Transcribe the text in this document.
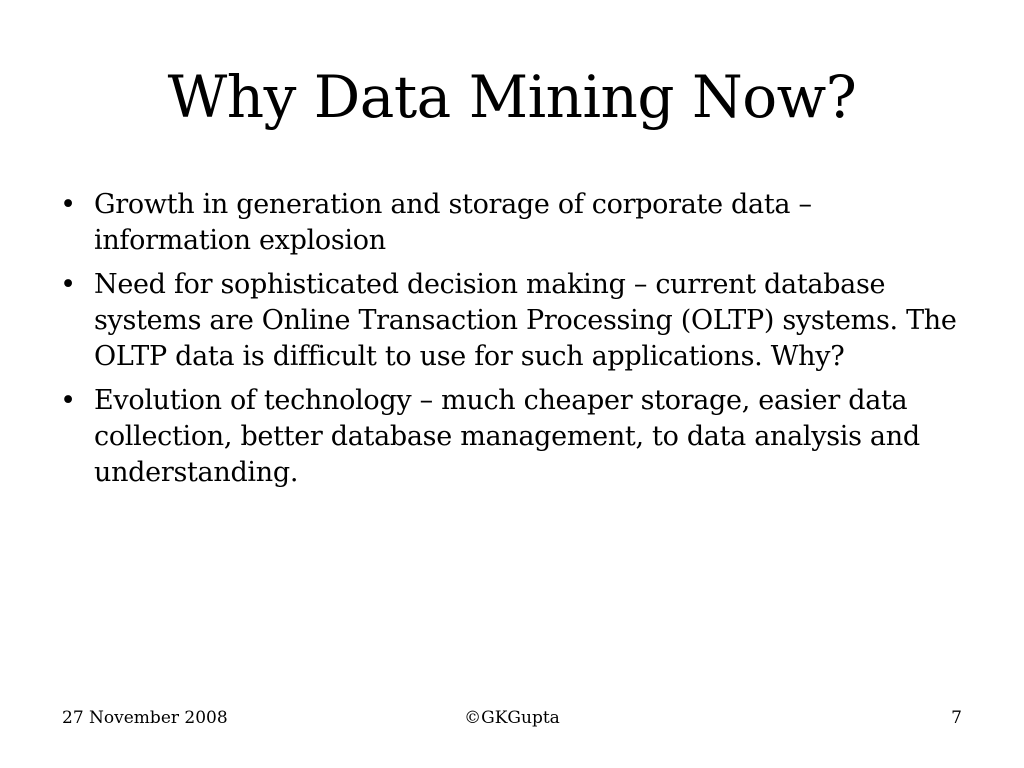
Why Data Mining Now?
• Growth in generation and storage of corporate data – information explosion
• Need for sophisticated decision making – current database systems are Online Transaction Processing (OLTP) systems. The OLTP data is difficult to use for such applications. Why?
• Evolution of technology – much cheaper storage, easier data collection, better database management, to data analysis and understanding.
©GKGupta
27 November 2008	7
